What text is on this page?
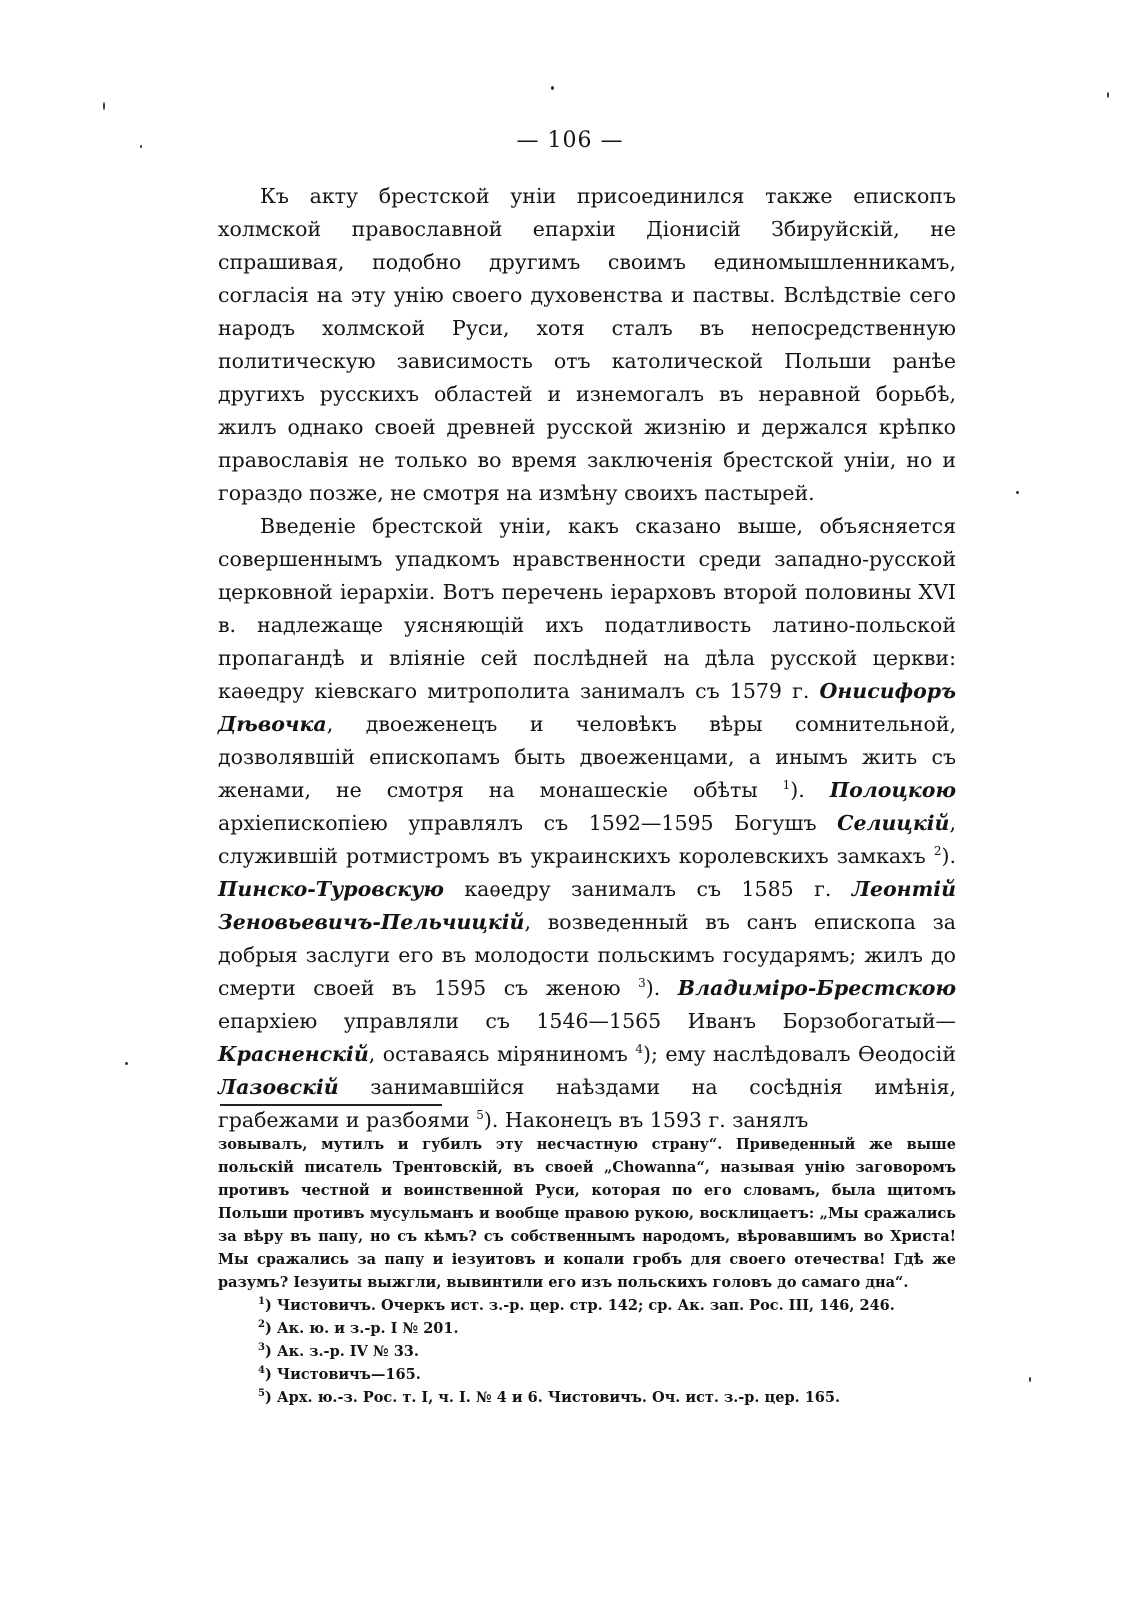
— 106 —

Къ акту брестской уніи присоединился также епископъ холмской православной епархіи Діонисій Збируйскій, не спрашивая, подобно другимъ своимъ единомышленникамъ, согласія на эту унію своего духовенства и паствы. Вслѣдствіе сего народъ холмской Руси, хотя сталъ въ непосредственную политическую зависимость отъ католической Польши ранѣе другихъ русскихъ областей и изнемогалъ въ неравной борьбѣ, жилъ однако своей древней русской жизнію и держался крѣпко православія не только во время заключенія брестской уніи, но и гораздо позже, не смотря на измѣну своихъ пастырей.

Введеніе брестской уніи, какъ сказано выше, объясняется совершеннымъ упадкомъ нравственности среди западно-русской церковной іерархіи. Вотъ перечень іерарховъ второй половины XVI в. надлежаще уясняющій ихъ податливость латино-польской пропагандѣ и вліяніе сей послѣдней на дѣла русской церкви: каѳедру кіевскаго митрополита занималъ съ 1579 г. Онисифоръ Дѣвочка, двоеженецъ и человѣкъ вѣры сомнительной, дозволявшій епископамъ быть двоеженцами, а инымъ жить съ женами, не смотря на монашескіе обѣты $^1$). Полоцкою архіепископіею управлялъ съ 1592—1595 Богушъ Селицкій, служившій ротмистромъ въ украинскихъ королевскихъ замкахъ $^2$). Пинско-Туровскую каѳедру занималъ съ 1585 г. Леонтій Зеновьевичъ-Пельчицкій, возведенный въ санъ епископа за добрыя заслуги его въ молодости польскимъ государямъ; жилъ до смерти своей въ 1595 съ женою $^3$). Владиміро-Брестскою епархіею управляли съ 1546—1565 Иванъ Борзобогатый—Красненскій, оставаясь міряниномъ $^4$); ему наслѣдовалъ Ѳеодосій Лазовскій занимавшійся наѣздами на сосѣднія имѣнія, грабежами и разбоями $^5$). Наконецъ въ 1593 г. занялъ

зовывалъ, мутилъ и губилъ эту несчастную страну“. Приведенный же выше польскій писатель Трентовскій, въ своей „Chowanna“, называя унію заговоромъ противъ честной и воинственной Руси, которая по его словамъ, была щитомъ Польши противъ мусульманъ и вообще правою рукою, восклицаетъ: „Мы сражались за вѣру въ папу, но съ кѣмъ? съ собственнымъ народомъ, вѣровавшимъ во Христа! Мы сражались за папу и іезуитовъ и копали гробъ для своего отечества! Гдѣ же разумъ? Іезуиты выжгли, вывинтили его изъ польскихъ головъ до самаго дна“.

$^1$) Чистовичъ. Очеркъ ист. з.-р. цер. стр. 142; ср. Ак. зап. Рос. III, 146, 246.

$^2$) Ак. ю. и з.-р. I № 201.

$^3$) Ак. з.-р. IV № 33.

$^4$) Чистовичъ—165.

$^5$) Арх. ю.-з. Рос. т. I, ч. I. № 4 и 6. Чистовичъ. Оч. ист. з.-р. цер. 165.
